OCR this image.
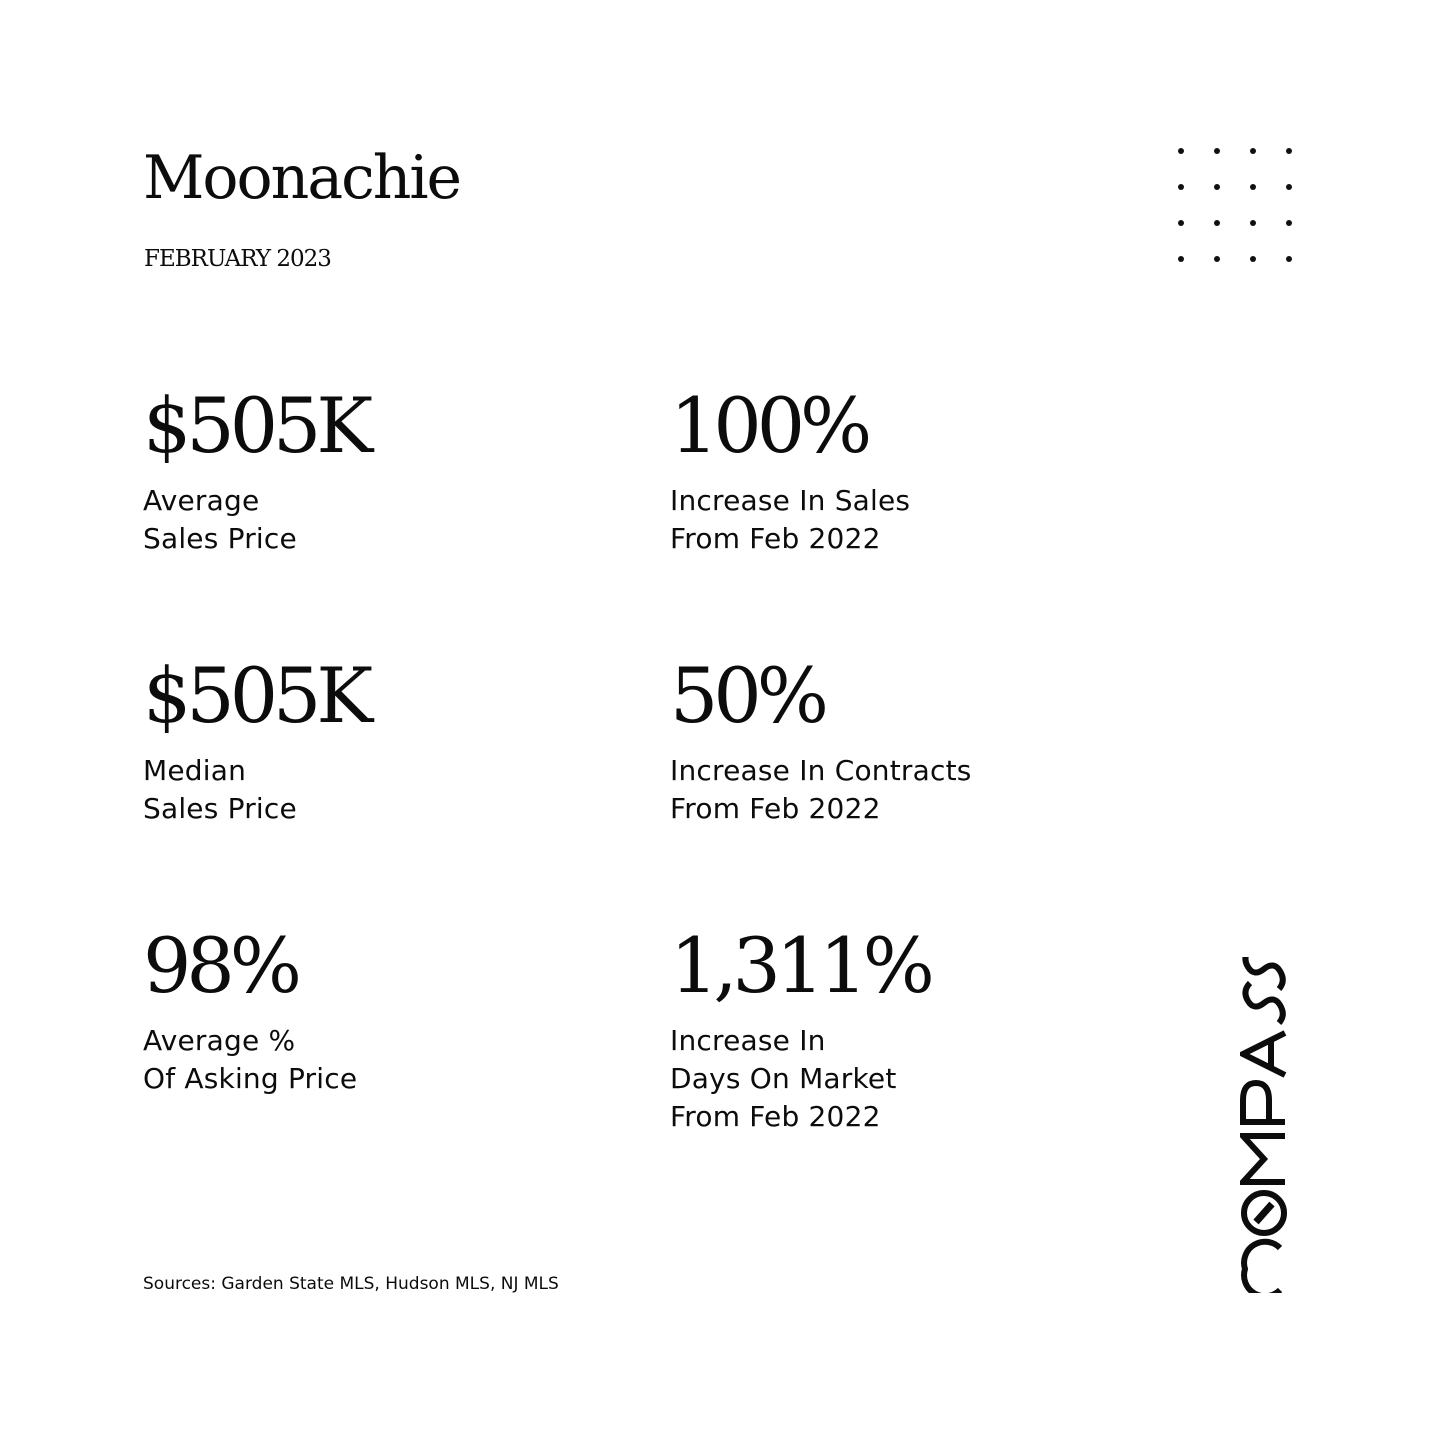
Moonachie
FEBRUARY 2023
$505K
Average
Sales Price
100%
Increase In Sales
From Feb 2022
$505K
Median
Sales Price
50%
Increase In Contracts
From Feb 2022
98%
Average %
Of Asking Price
1,311%
Increase In
Days On Market
From Feb 2022
Sources: Garden State MLS, Hudson MLS, NJ MLS
